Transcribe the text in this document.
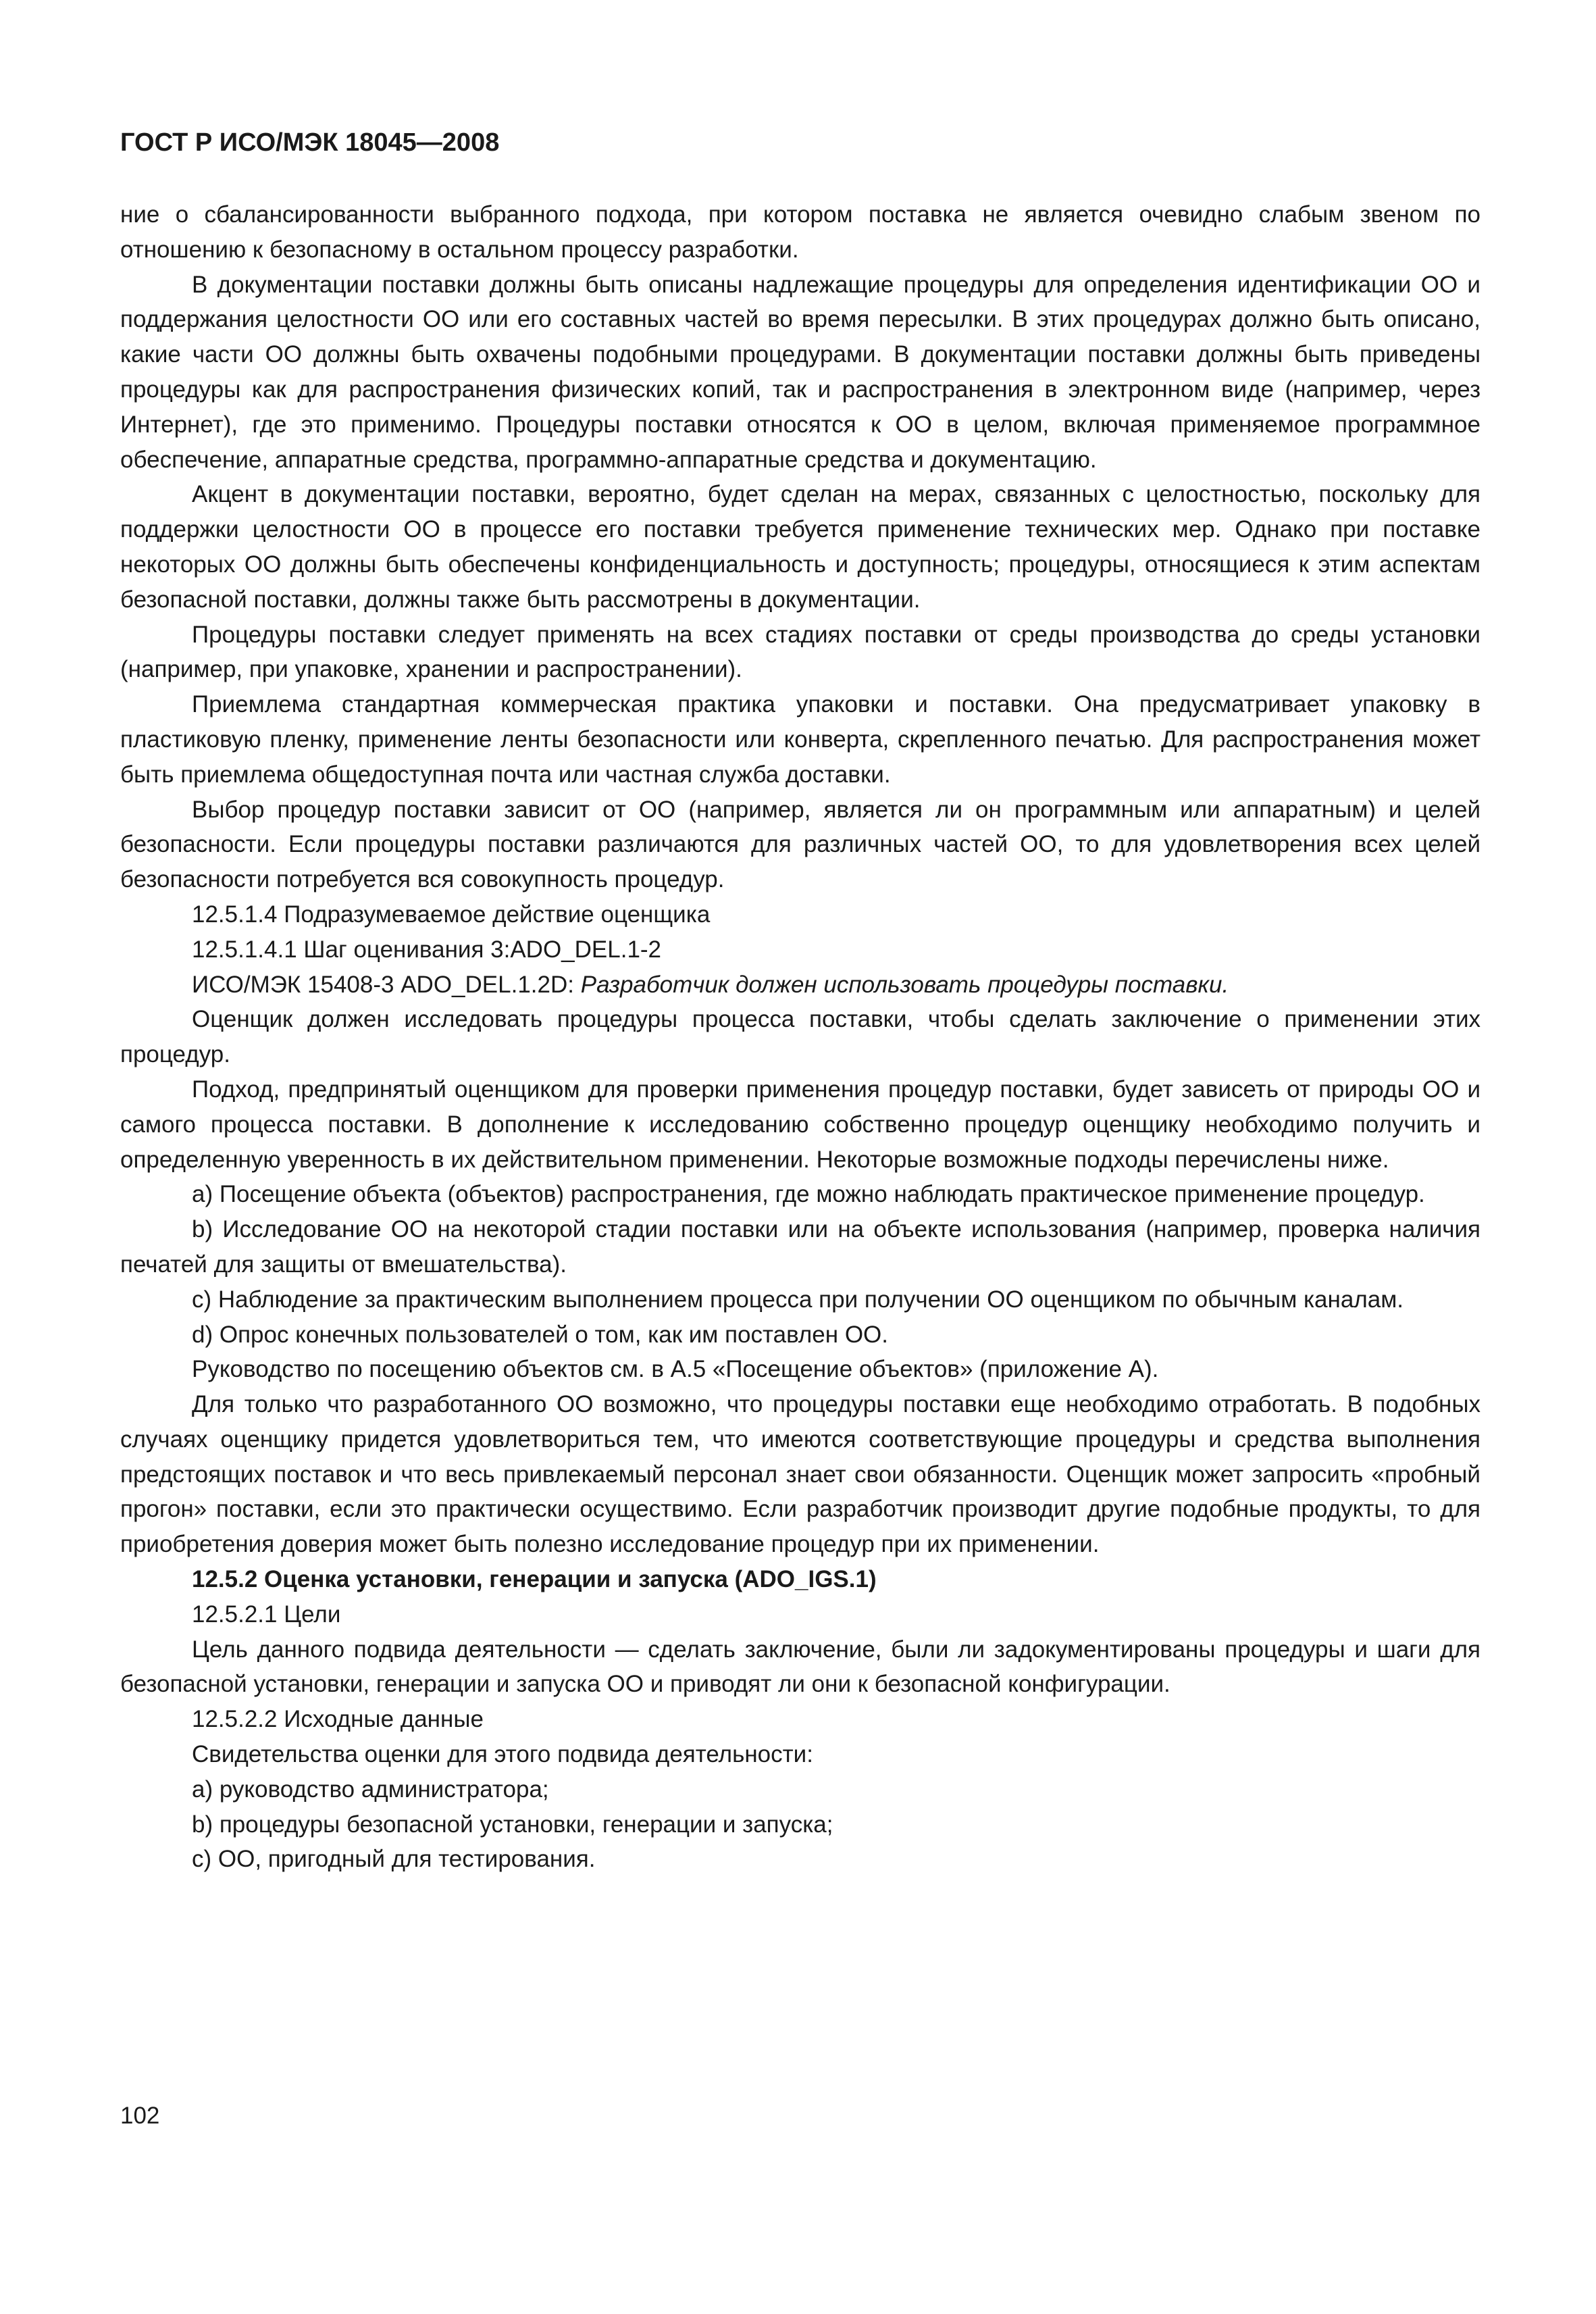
ГОСТ Р ИСО/МЭК 18045—2008

ние о сбалансированности выбранного подхода, при котором поставка не является очевидно слабым звеном по отношению к безопасному в остальном процессу разработки.

В документации поставки должны быть описаны надлежащие процедуры для определения идентификации ОО и поддержания целостности ОО или его составных частей во время пересылки. В этих процедурах должно быть описано, какие части ОО должны быть охвачены подобными процедурами. В документации поставки должны быть приведены процедуры как для распространения физических копий, так и распространения в электронном виде (например, через Интернет), где это применимо. Процедуры поставки относятся к ОО в целом, включая применяемое программное обеспечение, аппаратные средства, программно-аппаратные средства и документацию.

Акцент в документации поставки, вероятно, будет сделан на мерах, связанных с целостностью, поскольку для поддержки целостности ОО в процессе его поставки требуется применение технических мер. Однако при поставке некоторых ОО должны быть обеспечены конфиденциальность и доступность; процедуры, относящиеся к этим аспектам безопасной поставки, должны также быть рассмотрены в документации.

Процедуры поставки следует применять на всех стадиях поставки от среды производства до среды установки (например, при упаковке, хранении и распространении).

Приемлема стандартная коммерческая практика упаковки и поставки. Она предусматривает упаковку в пластиковую пленку, применение ленты безопасности или конверта, скрепленного печатью. Для распространения может быть приемлема общедоступная почта или частная служба доставки.

Выбор процедур поставки зависит от ОО (например, является ли он программным или аппаратным) и целей безопасности. Если процедуры поставки различаются для различных частей ОО, то для удовлетворения всех целей безопасности потребуется вся совокупность процедур.

12.5.1.4 Подразумеваемое действие оценщика

12.5.1.4.1 Шаг оценивания 3:ADO_DEL.1-2

ИСО/МЭК 15408-3 ADO_DEL.1.2D: Разработчик должен использовать процедуры поставки.

Оценщик должен исследовать процедуры процесса поставки, чтобы сделать заключение о применении этих процедур.

Подход, предпринятый оценщиком для проверки применения процедур поставки, будет зависеть от природы ОО и самого процесса поставки. В дополнение к исследованию собственно процедур оценщику необходимо получить и определенную уверенность в их действительном применении. Некоторые возможные подходы перечислены ниже.

a) Посещение объекта (объектов) распространения, где можно наблюдать практическое применение процедур.

b) Исследование ОО на некоторой стадии поставки или на объекте использования (например, проверка наличия печатей для защиты от вмешательства).

c) Наблюдение за практическим выполнением процесса при получении ОО оценщиком по обычным каналам.

d) Опрос конечных пользователей о том, как им поставлен ОО.

Руководство по посещению объектов см. в А.5 «Посещение объектов» (приложение А).

Для только что разработанного ОО возможно, что процедуры поставки еще необходимо отработать. В подобных случаях оценщику придется удовлетвориться тем, что имеются соответствующие процедуры и средства выполнения предстоящих поставок и что весь привлекаемый персонал знает свои обязанности. Оценщик может запросить «пробный прогон» поставки, если это практически осуществимо. Если разработчик производит другие подобные продукты, то для приобретения доверия может быть полезно исследование процедур при их применении.

12.5.2 Оценка установки, генерации и запуска (ADO_IGS.1)

12.5.2.1 Цели

Цель данного подвида деятельности — сделать заключение, были ли задокументированы процедуры и шаги для безопасной установки, генерации и запуска ОО и приводят ли они к безопасной конфигурации.

12.5.2.2 Исходные данные

Свидетельства оценки для этого подвида деятельности:

a) руководство администратора;

b) процедуры безопасной установки, генерации и запуска;

c) ОО, пригодный для тестирования.

102
